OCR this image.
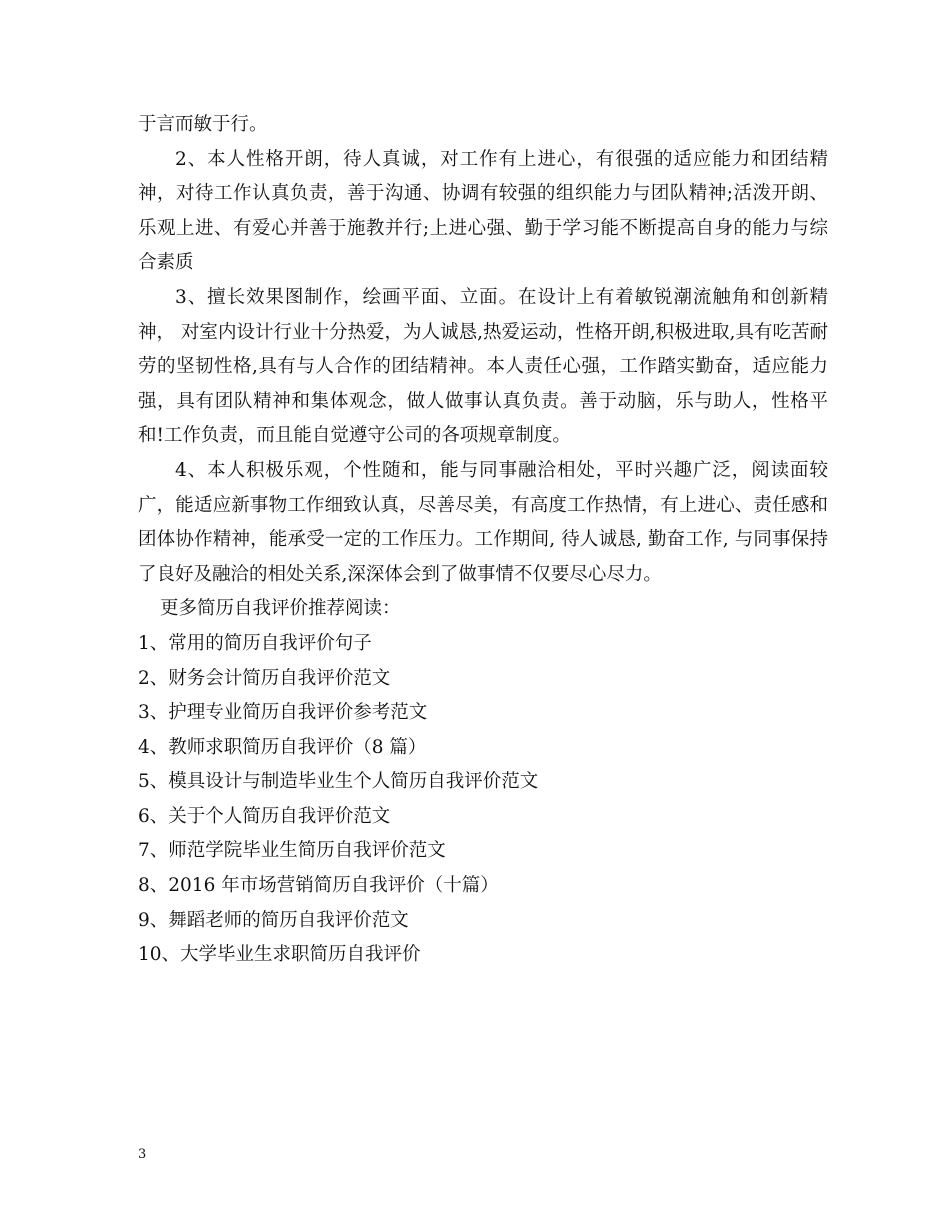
于言而敏于行。

2、本人性格开朗，待人真诚，对工作有上进心，有很强的适应能力和团结精神，对待工作认真负责，善于沟通、协调有较强的组织能力与团队精神;活泼开朗、乐观上进、有爱心并善于施教并行;上进心强、勤于学习能不断提高自身的能力与综合素质

3、擅长效果图制作，绘画平面、立面。在设计上有着敏锐潮流触角和创新精神， 对室内设计行业十分热爱，为人诚恳,热爱运动，性格开朗,积极进取,具有吃苦耐劳的坚韧性格,具有与人合作的团结精神。本人责任心强，工作踏实勤奋，适应能力强，具有团队精神和集体观念，做人做事认真负责。善于动脑，乐与助人，性格平和!工作负责，而且能自觉遵守公司的各项规章制度。

4、本人积极乐观，个性随和，能与同事融洽相处，平时兴趣广泛，阅读面较广，能适应新事物工作细致认真，尽善尽美，有高度工作热情，有上进心、责任感和团体协作精神，能承受一定的工作压力。工作期间, 待人诚恳, 勤奋工作, 与同事保持了良好及融洽的相处关系,深深体会到了做事情不仅要尽心尽力。

更多简历自我评价推荐阅读：

1、常用的简历自我评价句子
2、财务会计简历自我评价范文
3、护理专业简历自我评价参考范文
4、教师求职简历自我评价（8 篇）
5、模具设计与制造毕业生个人简历自我评价范文
6、关于个人简历自我评价范文
7、师范学院毕业生简历自我评价范文
8、2016 年市场营销简历自我评价（十篇）
9、舞蹈老师的简历自我评价范文
10、大学毕业生求职简历自我评价
3
